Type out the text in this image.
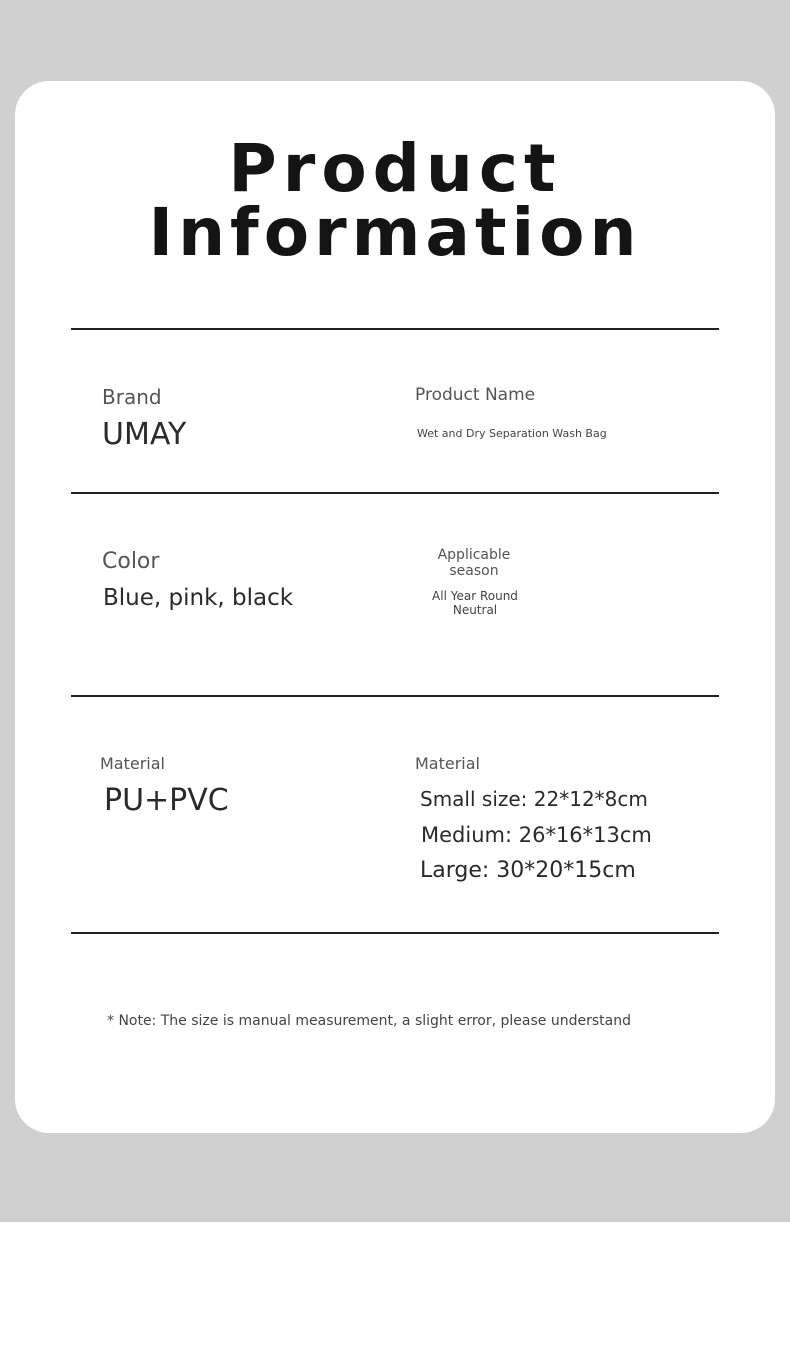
Product
Information
Brand
UMAY
Product Name
Wet and Dry Separation Wash Bag
Color
Blue, pink, black
Applicable
season
All Year Round
Neutral
Material
PU+PVC
Material
Small size: 22*12*8cm
Medium: 26*16*13cm
Large: 30*20*15cm
* Note: The size is manual measurement, a slight error, please understand
